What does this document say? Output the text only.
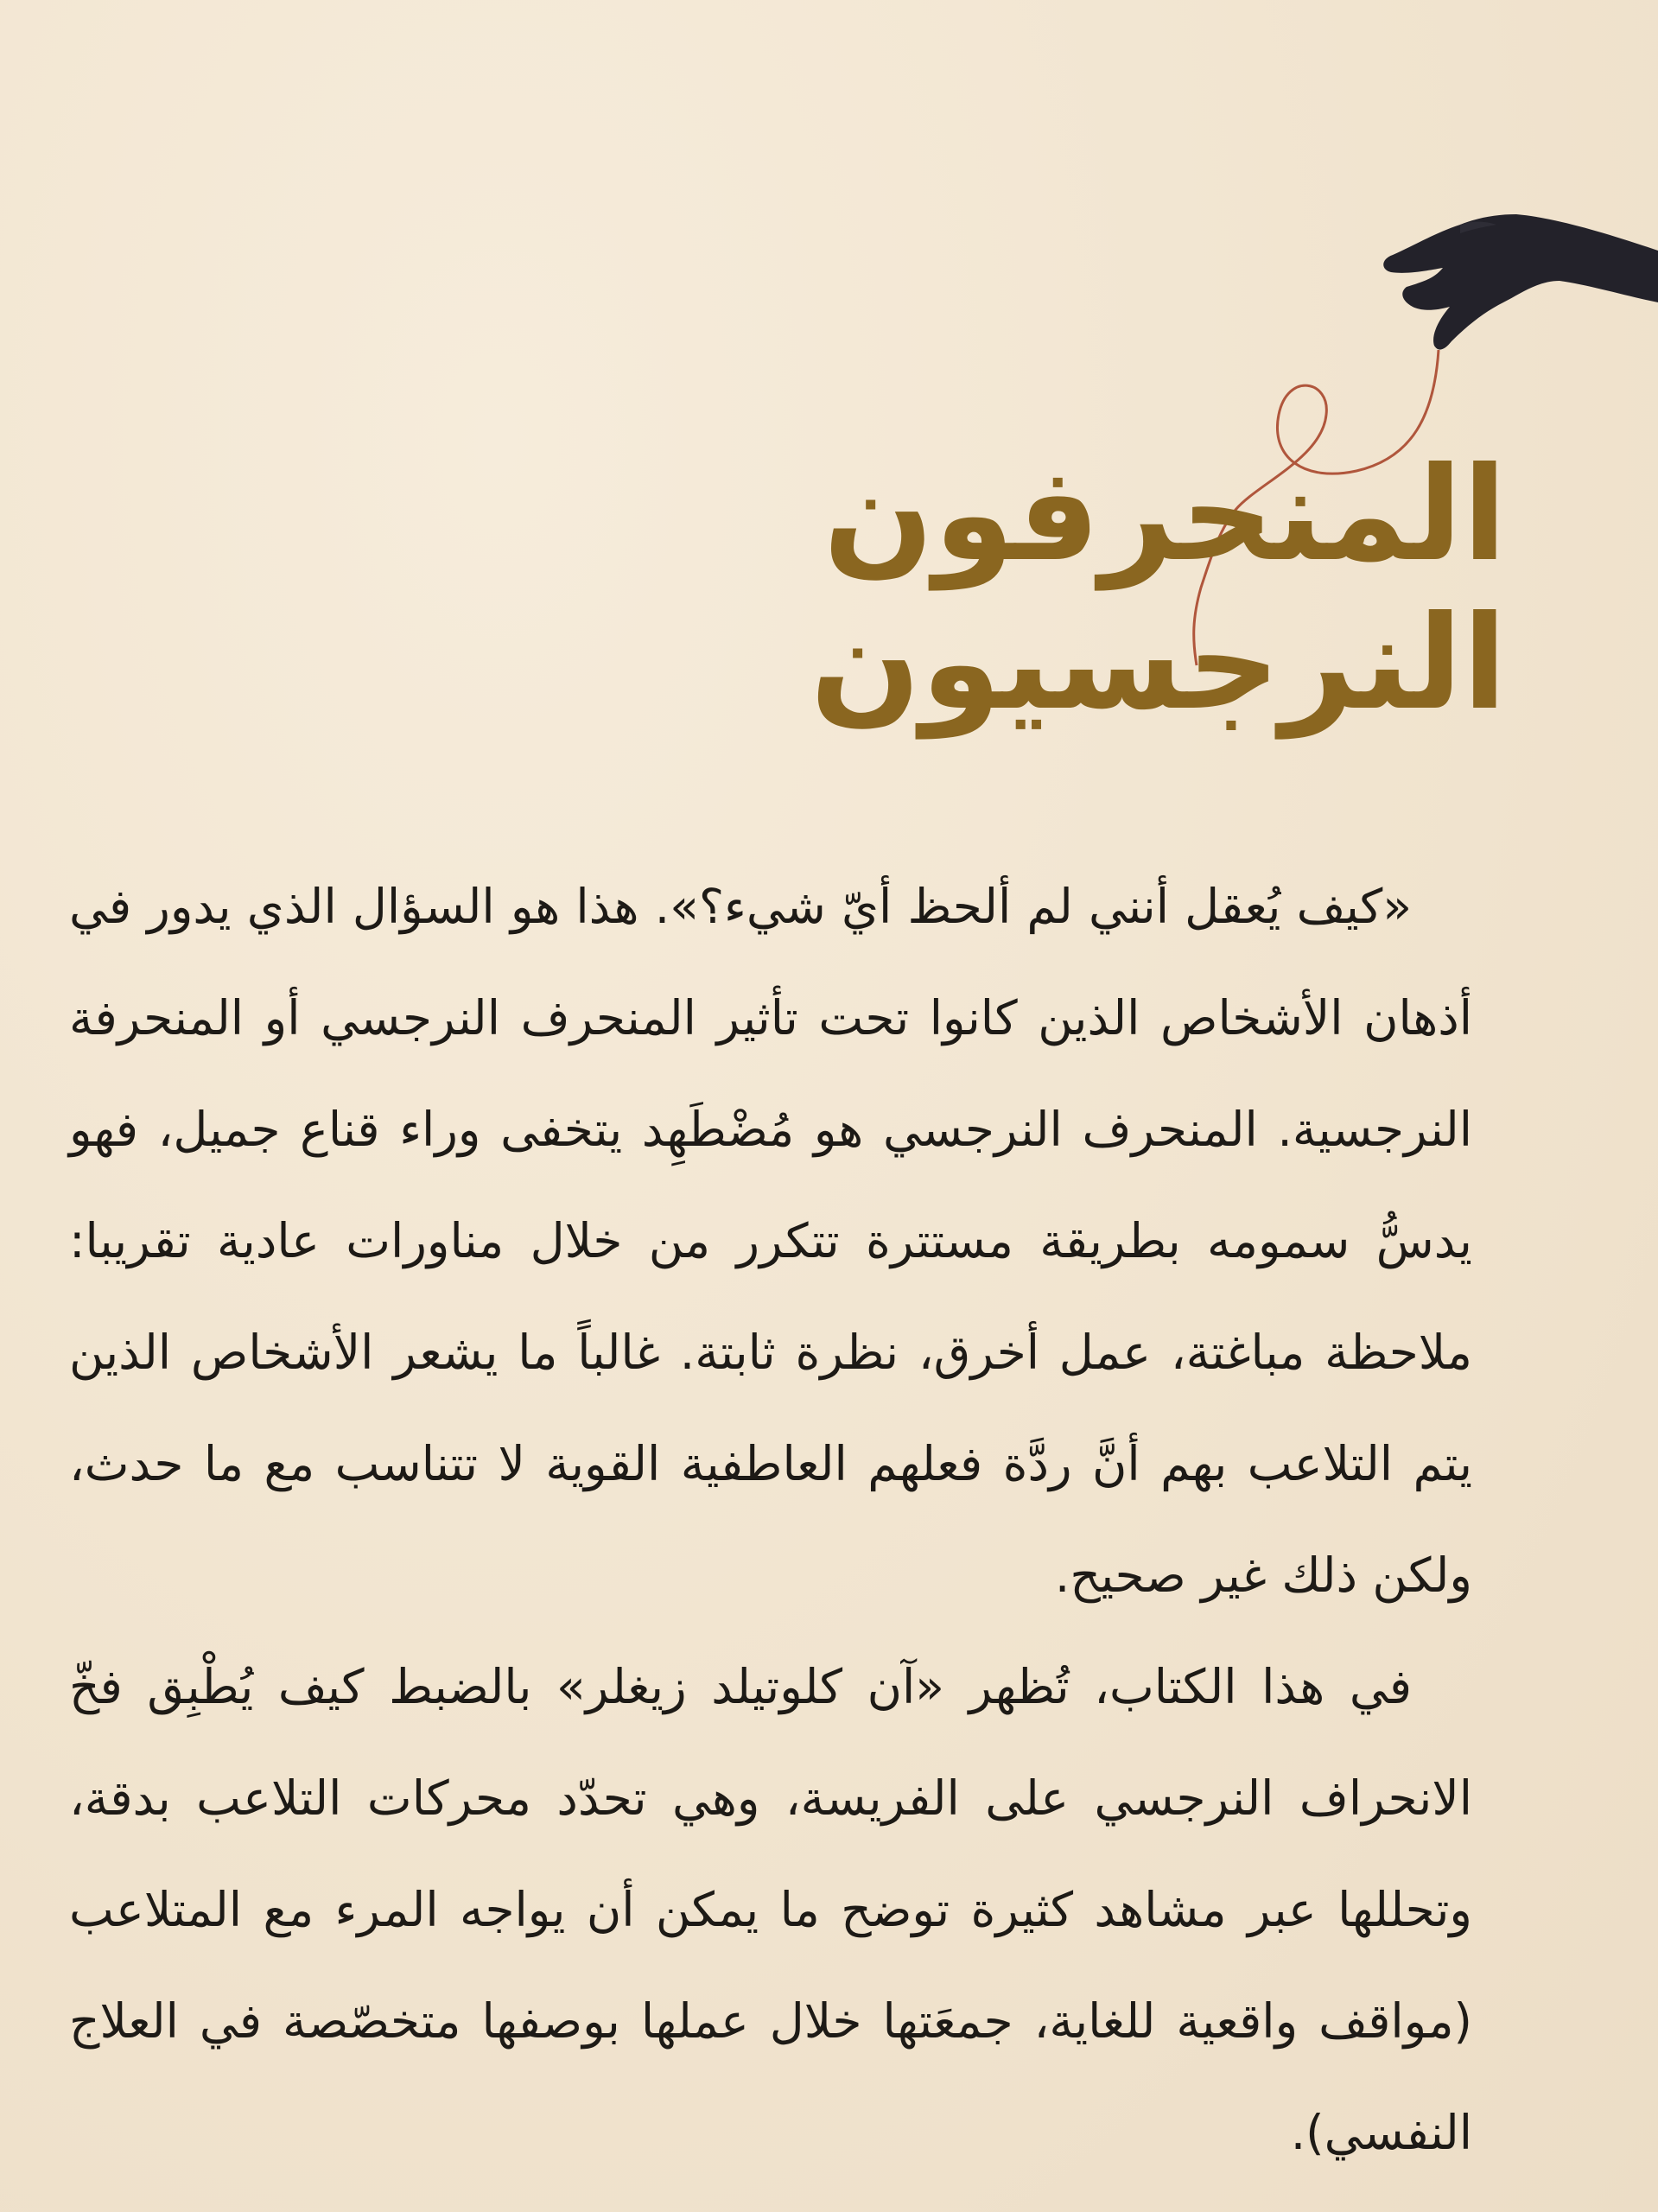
المنحرفون
النرجسيون

«كيف يُعقل أنني لم ألحظ أيّ شيء؟». هذا هو السؤال الذي يدور في أذهان الأشخاص الذين كانوا تحت تأثير المنحرف النرجسي أو المنحرفة النرجسية. المنحرف النرجسي هو مُضْطَهِد يتخفى وراء قناع جميل، فهو يدسُّ سمومه بطريقة مستترة تتكرر من خلال مناورات عادية تقريبا: ملاحظة مباغتة، عمل أخرق، نظرة ثابتة. غالباً ما يشعر الأشخاص الذين يتم التلاعب بهم أنَّ ردَّة فعلهم العاطفية القوية لا تتناسب مع ما حدث، ولكن ذلك غير صحيح.

في هذا الكتاب، تُظهر «آن كلوتيلد زيغلر» بالضبط كيف يُطْبِق فخّ الانحراف النرجسي على الفريسة، وهي تحدّد محركات التلاعب بدقة، وتحللها عبر مشاهد كثيرة توضح ما يمكن أن يواجه المرء مع المتلاعب (مواقف واقعية للغاية، جمعَتها خلال عملها بوصفها متخصّصة في العلاج النفسي).
